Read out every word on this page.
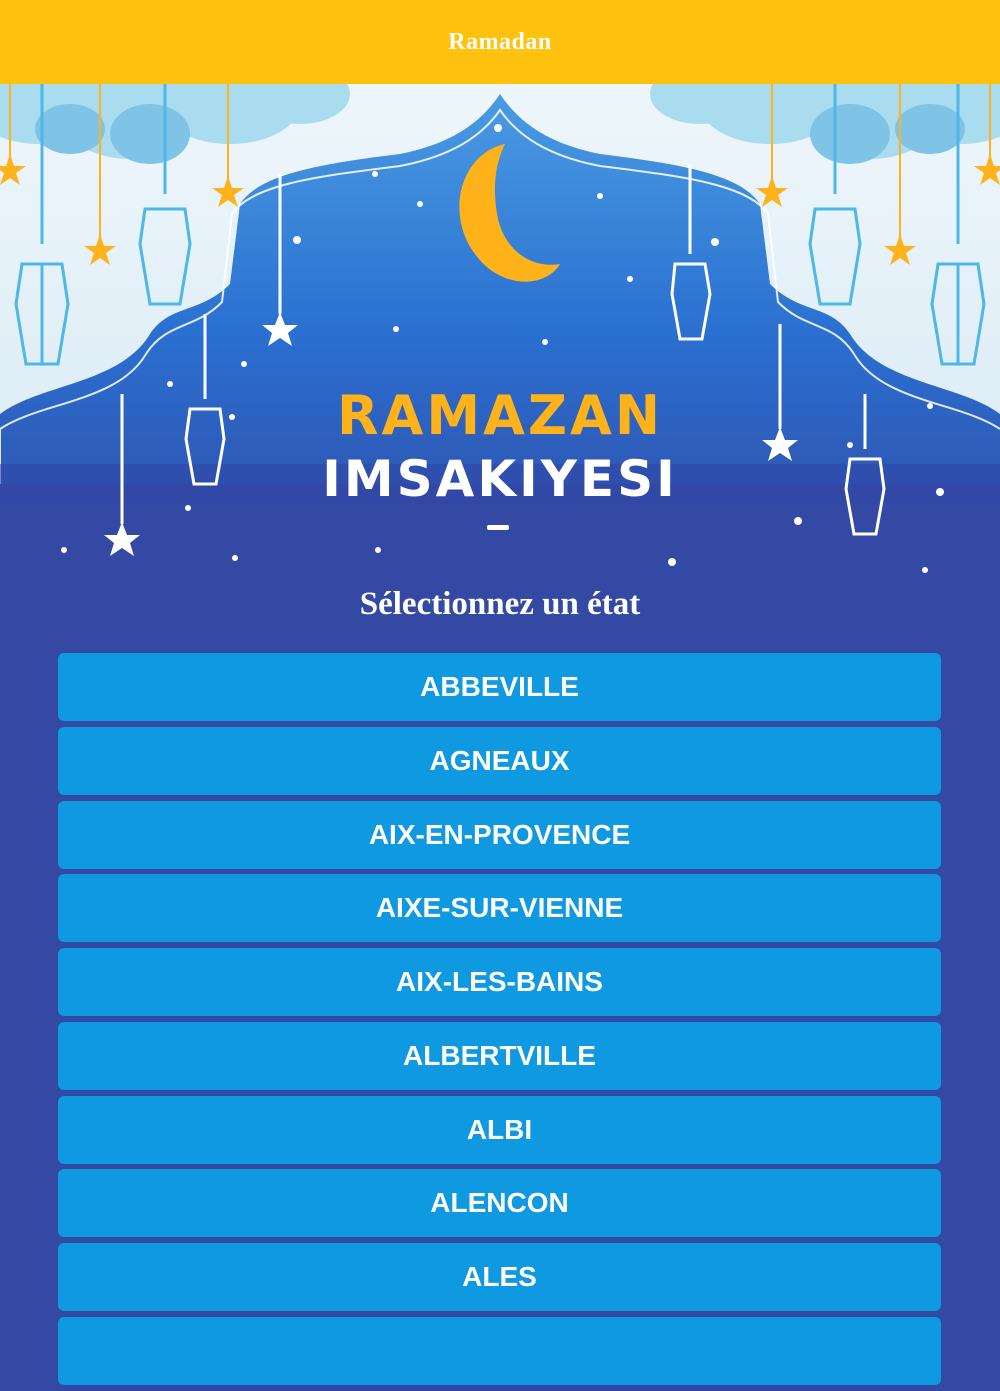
Ramadan
RAMAZAN
IMSAKIYESI
Sélectionnez un état
ABBEVILLE
AGNEAUX
AIX-EN-PROVENCE
AIXE-SUR-VIENNE
AIX-LES-BAINS
ALBERTVILLE
ALBI
ALENCON
ALES
